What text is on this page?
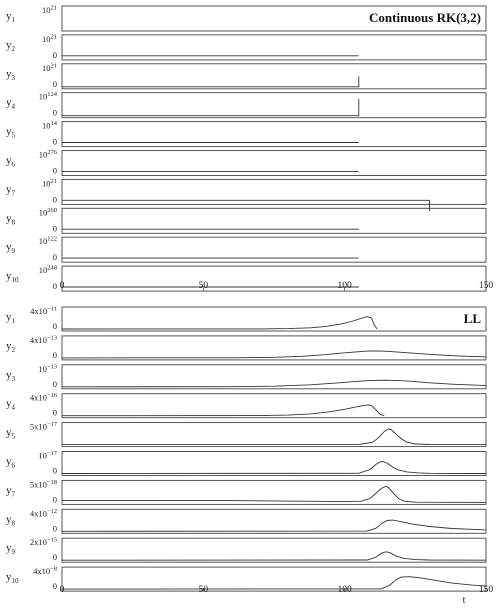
$y_1$
$10^{21}$
Continuous RK(3,2)
$y_2$
$10^{21}$
0
$y_3$
$10^{21}$
0
$y_4$
$10^{124}$
0
$y_5$
$10^{14}$
0
$y_6$
$10^{276}$
0
$y_7$
$10^{21}$
0
$y_8$
$10^{260}$
0
$y_9$
$10^{122}$
0
$y_{10}$
$10^{248}$
0 0	50	100	150
$y_1$
$4x10^{-11}$
0	LL
$y_2$
$4x10^{-13}$
0
$y_3$
$10^{-13}$
0
$y_4$
$4x10^{-16}$
0
$y_5$
$5x10^{-17}$
$y_6$
$10^{-17}$
0
$y_7$
$5x10^{-18}$
0
$y_8$
$4x10^{-12}$
0
$y_9$
$2x10^{-15}$
0
$y_{10}$
$4x10^{-8}$
0 0	50	100	150
t
